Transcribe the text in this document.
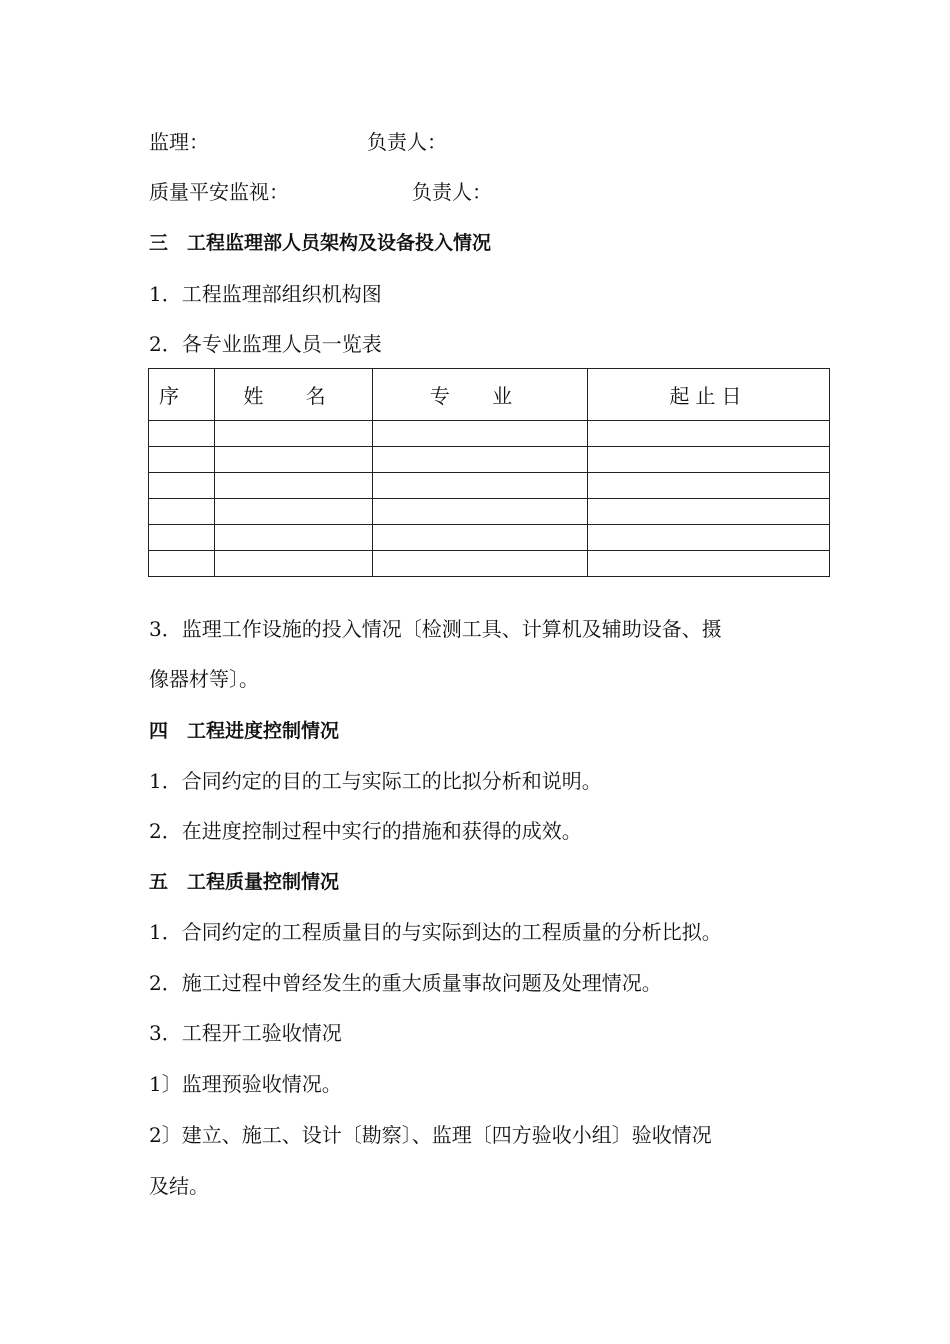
监理：	负责人：
质量平安监视：	负责人：
三　工程监理部人员架构及设备投入情况
1．工程监理部组织机构图
2．各专业监理人员一览表
序	姓 名	专 业	起止日

3．监理工作设施的投入情况〔检测工具、计算机及辅助设备、摄
像器材等〕。
四　工程进度控制情况
1．合同约定的目的工与实际工的比拟分析和说明。
2．在进度控制过程中实行的措施和获得的成效。
五　工程质量控制情况
1．合同约定的工程质量目的与实际到达的工程质量的分析比拟。
2．施工过程中曾经发生的重大质量事故问题及处理情况。
3．工程开工验收情况
1〕监理预验收情况。
2〕建立、施工、设计〔勘察〕、监理〔四方验收小组〕验收情况
及结。
